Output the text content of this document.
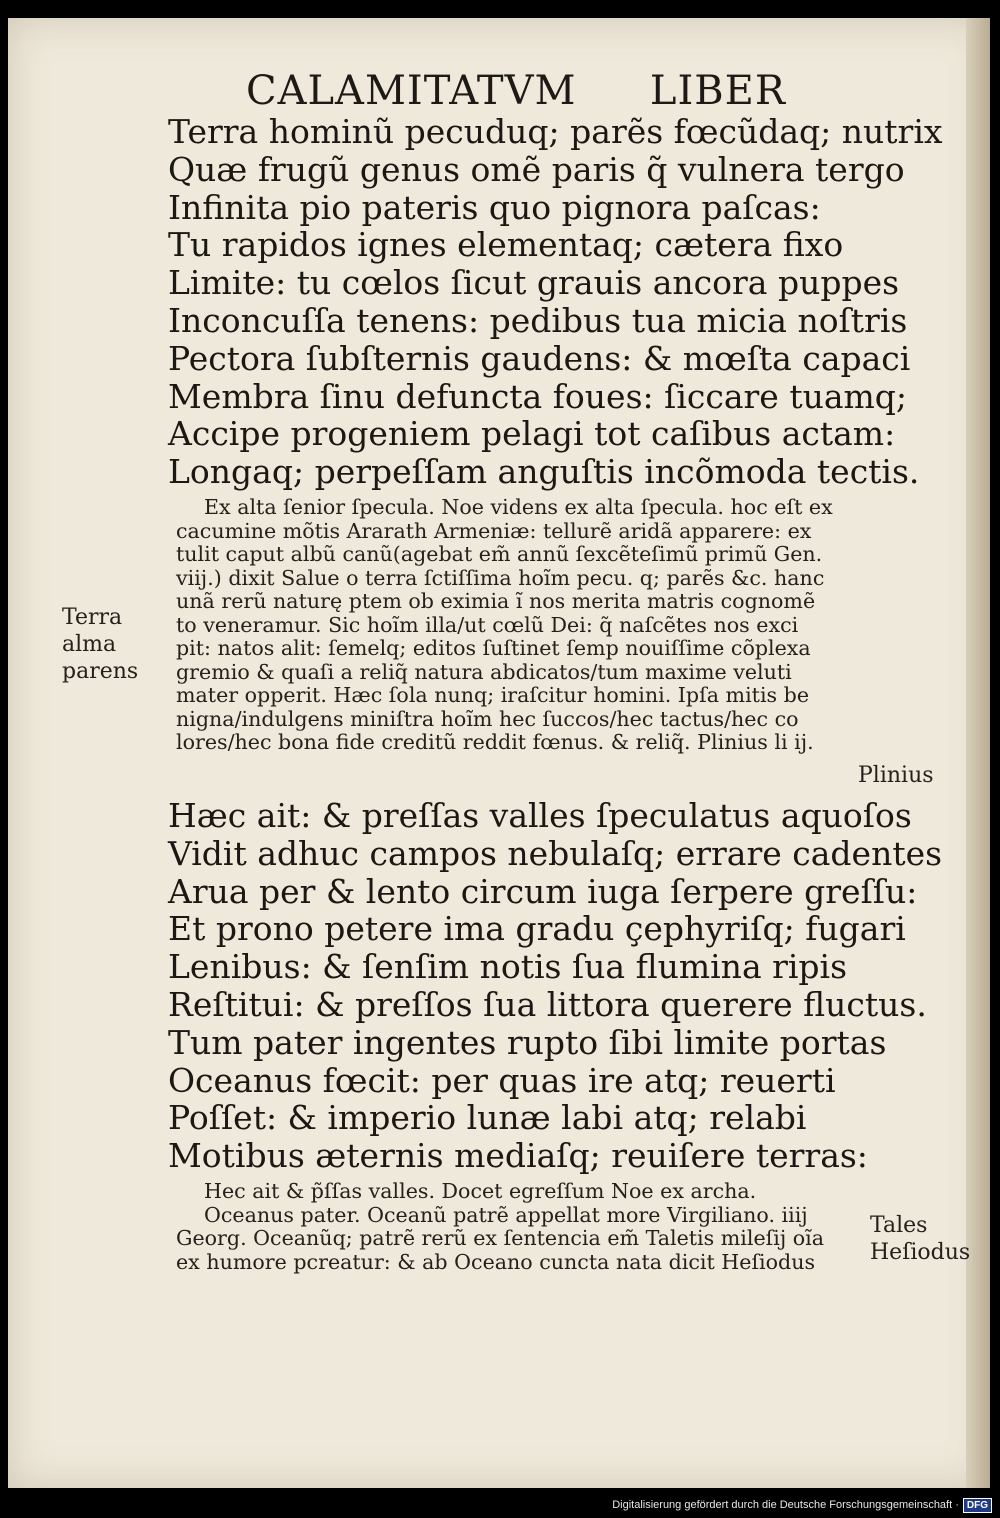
CALAMITATVM LIBER
Terra hominũ pecuduq; parẽs fœcũdaq; nutrix
Quæ frugũ genus omẽ paris q̃ vulnera tergo
Infinita pio pateris quo pignora paſcas:
Tu rapidos ignes elementaq; cætera fixo
Limite: tu cœlos ſicut grauis ancora puppes
Inconcuſſa tenens: pedibus tua micia noſtris
Pectora ſubſternis gaudens: & mœſta capaci
Membra ſinu defuncta foues: ſiccare tuamq;
Accipe progeniem pelagi tot caſibus actam:
Longaq; perpeſſam anguſtis incõmoda tectis.
Ex alta ſenior ſpecula. Noe videns ex alta ſpecula. hoc eſt ex
cacumine mõtis Ararath Armeniæ: tellurẽ aridã apparere: ex
tulit caput albũ canũ(agebat em̃ annũ ſexcẽteſimũ primũ Gen.
viij.) dixit Salue o terra ſctiſſima hoĩm pecu. q; parẽs &c. hanc
unã rerũ naturę ptem ob eximia ĩ nos merita matris cognomẽ
to veneramur. Sic hoĩm illa/ut cœlũ Dei: q̃ naſcẽtes nos exci
pit: natos alit: ſemelq; editos ſuſtinet ſemp nouiſſime cõplexa
gremio & quaſi a reliq̃ natura abdicatos/tum maxime veluti
mater opperit. Hæc ſola nunq; iraſcitur homini. Ipſa mitis be
nigna/indulgens miniſtra hoĩm hec ſuccos/hec tactus/hec co
lores/hec bona fide creditũ reddit fœnus. & reliq̃. Plinius li ij.
Hæc ait: & preſſas valles ſpeculatus aquoſos
Vidit adhuc campos nebulaſq; errare cadentes
Arua per & lento circum iuga ſerpere greſſu:
Et prono petere ima gradu çephyriſq; fugari
Lenibus: & ſenſim notis ſua flumina ripis
Reſtitui: & preſſos ſua littora querere fluctus.
Tum pater ingentes rupto ſibi limite portas
Oceanus fœcit: per quas ire atq; reuerti
Poſſet: & imperio lunæ labi atq; relabi
Motibus æternis mediaſq; reuiſere terras:
Hec ait & p̃ſſas valles. Docet egreſſum Noe ex archa.
Oceanus pater. Oceanũ patrẽ appellat more Virgiliano. iiij
Georg. Oceanũq; patrẽ rerũ ex ſentencia em̃ Taletis mileſij oĩa
ex humore pcreatur: & ab Oceano cuncta nata dicit Heſiodus
Terra
alma
parens
Plinius
Tales
Heſiodus
Digitalisierung gefördert durch die Deutsche Forschungsgemeinschaft · DFG
